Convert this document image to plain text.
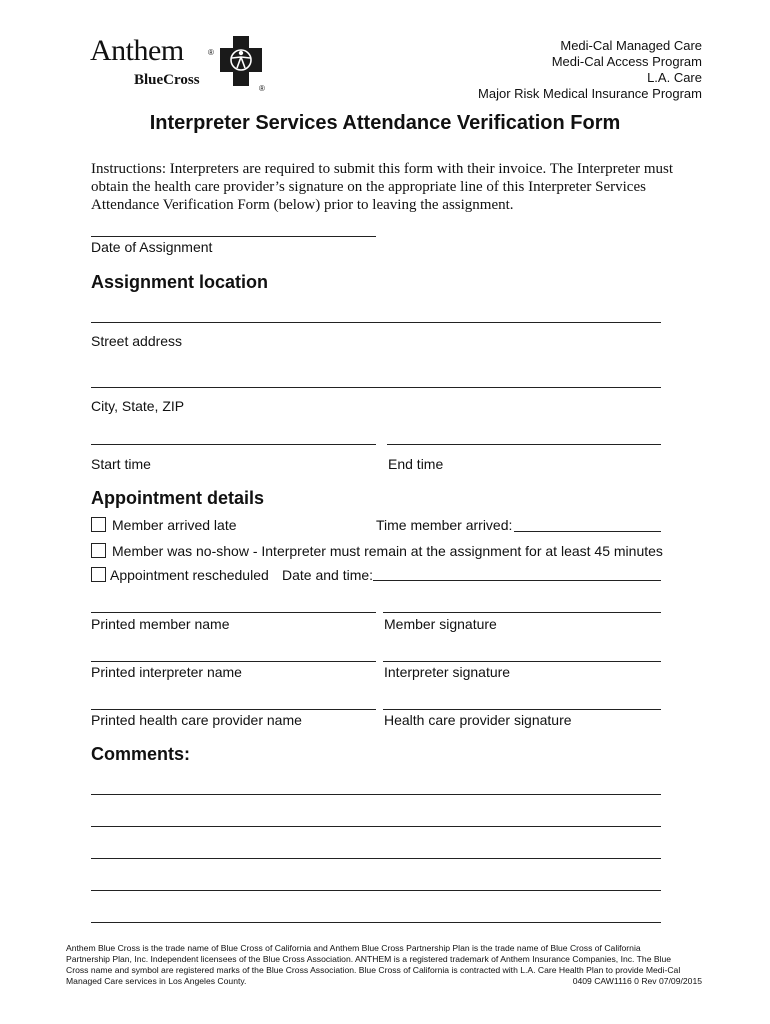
Anthem	®
BlueCross
®
Medi-Cal Managed Care
Medi-Cal Access Program
L.A. Care
Major Risk Medical Insurance Program
Interpreter Services Attendance Verification Form
Instructions: Interpreters are required to submit this form with their invoice. The Interpreter must obtain the health care provider’s signature on the appropriate line of this Interpreter Services Attendance Verification Form (below) prior to leaving the assignment.
Date of Assignment
Assignment location
Street address
City, State, ZIP
Start time	End time
Appointment details
Member arrived late	Time member arrived:
Member was no-show - Interpreter must remain at the assignment for at least 45 minutes
Appointment rescheduled Date and time:
Printed member name	Member signature
Printed interpreter name	Interpreter signature
Printed health care provider name	Health care provider signature
Comments:
Anthem Blue Cross is the trade name of Blue Cross of California and Anthem Blue Cross Partnership Plan is the trade name of Blue Cross of California
Partnership Plan, Inc. Independent licensees of the Blue Cross Association. ANTHEM is a registered trademark of Anthem Insurance Companies, Inc. The Blue
Cross name and symbol are registered marks of the Blue Cross Association. Blue Cross of California is contracted with L.A. Care Health Plan to provide Medi-Cal
Managed Care services in Los Angeles County.	0409 CAW1116 0 Rev 07/09/2015
